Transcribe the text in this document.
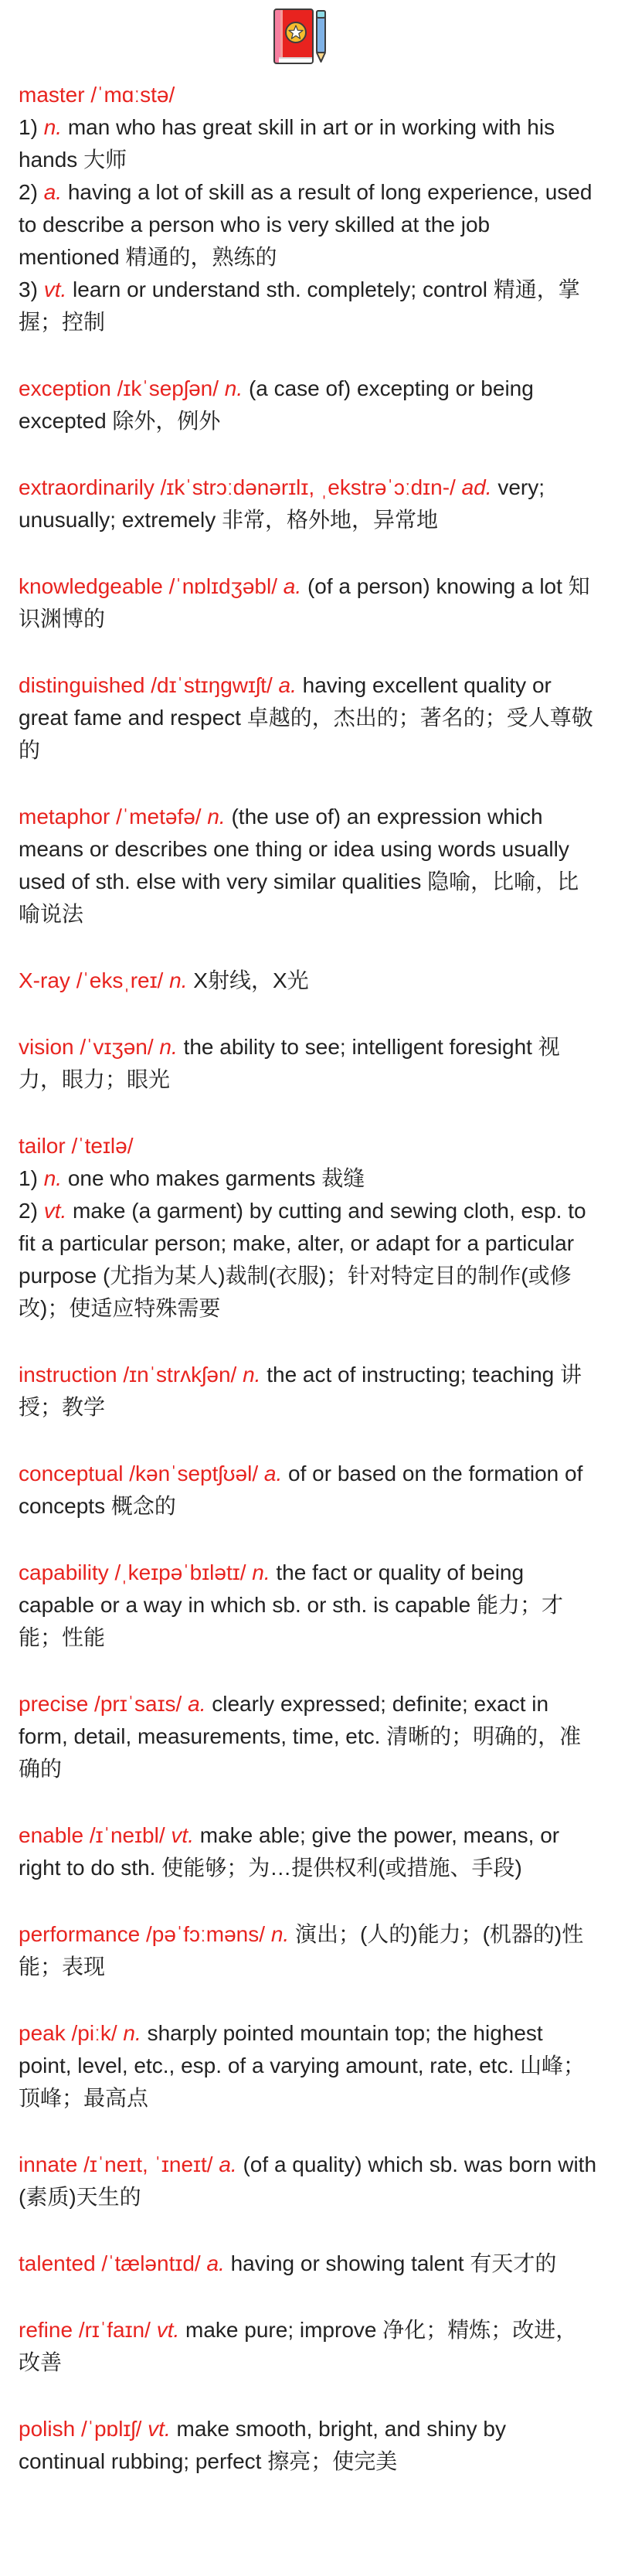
master /ˈmɑːstə/
1) n. man who has great skill in art or in working with his hands 大师
2) a. having a lot of skill as a result of long experience, used to describe a person who is very skilled at the job mentioned 精通的，熟练的
3) vt. learn or understand sth. completely; control 精通，掌握；控制
exception /ɪkˈsepʃən/ n. (a case of) excepting or being excepted 除外，例外
extraordinarily /ɪkˈstrɔːdənərɪlɪ, ˌekstrəˈɔːdɪn-/ ad. very; unusually; extremely 非常，格外地，异常地
knowledgeable /ˈnɒlɪdʒəbl/ a. (of a person) knowing a lot 知识渊博的
distinguished /dɪˈstɪŋgwɪʃt/ a. having excellent quality or great fame and respect 卓越的，杰出的；著名的；受人尊敬的
metaphor /ˈmetəfə/ n. (the use of) an expression which means or describes one thing or idea using words usually used of sth. else with very similar qualities 隐喻，比喻，比喻说法
X-ray /ˈeksˌreɪ/ n. X射线，X光
vision /ˈvɪʒən/ n. the ability to see; intelligent foresight 视力，眼力；眼光
tailor /ˈteɪlə/
1) n. one who makes garments 裁缝
2) vt. make (a garment) by cutting and sewing cloth, esp. to fit a particular person; make, alter, or adapt for a particular purpose (尤指为某人)裁制(衣服)；针对特定目的制作(或修改)；使适应特殊需要
instruction /ɪnˈstrʌkʃən/ n. the act of instructing; teaching 讲授；教学
conceptual /kənˈseptʃʊəl/ a. of or based on the formation of concepts 概念的
capability /ˌkeɪpəˈbɪlətɪ/ n. the fact or quality of being capable or a way in which sb. or sth. is capable 能力；才能；性能
precise /prɪˈsaɪs/ a. clearly expressed; definite; exact in form, detail, measurements, time, etc. 清晰的；明确的，准确的
enable /ɪˈneɪbl/ vt. make able; give the power, means, or right to do sth. 使能够；为…提供权利(或措施、手段)
performance /pəˈfɔːməns/ n. 演出；(人的)能力；(机器的)性能；表现
peak /piːk/ n. sharply pointed mountain top; the highest point, level, etc., esp. of a varying amount, rate, etc. 山峰；顶峰；最高点
innate /ɪˈneɪt, ˈɪneɪt/ a. (of a quality) which sb. was born with (素质)天生的
talented /ˈtæləntɪd/ a. having or showing talent 有天才的
refine /rɪˈfaɪn/ vt. make pure; improve 净化；精炼；改进，改善
polish /ˈpɒlɪʃ/ vt. make smooth, bright, and shiny by continual rubbing; perfect 擦亮；使完美
